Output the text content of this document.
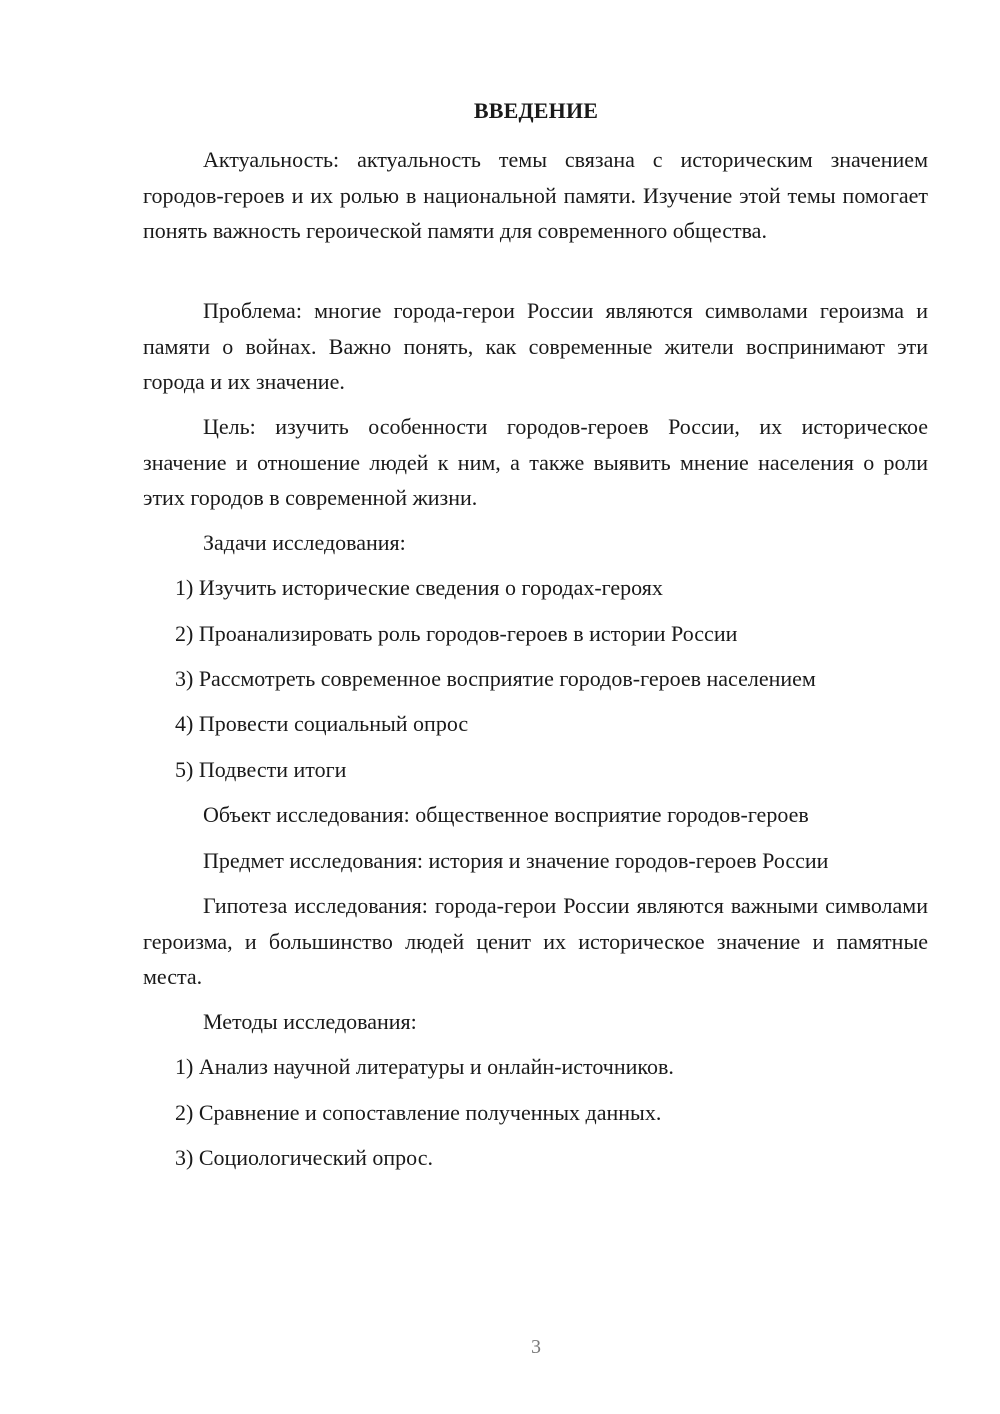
ВВЕДЕНИЕ
Актуальность: актуальность темы связана с историческим значением городов-героев и их ролью в национальной памяти. Изучение этой темы помогает понять важность героической памяти для современного общества.
Проблема: многие города-герои России являются символами героизма и памяти о войнах. Важно понять, как современные жители воспринимают эти города и их значение.
Цель: изучить особенности городов-героев России, их историческое значение и отношение людей к ним, а также выявить мнение населения о роли этих городов в современной жизни.
Задачи исследования:
1) Изучить исторические сведения о городах-героях
2) Проанализировать роль городов-героев в истории России
3) Рассмотреть современное восприятие городов-героев населением
4) Провести социальный опрос
5) Подвести итоги
Объект исследования: общественное восприятие городов-героев
Предмет исследования: история и значение городов-героев России
Гипотеза исследования: города-герои России являются важными символами героизма, и большинство людей ценит их историческое значение и памятные места.
Методы исследования:
1) Анализ научной литературы и онлайн-источников.
2) Сравнение и сопоставление полученных данных.
3) Социологический опрос.
3
